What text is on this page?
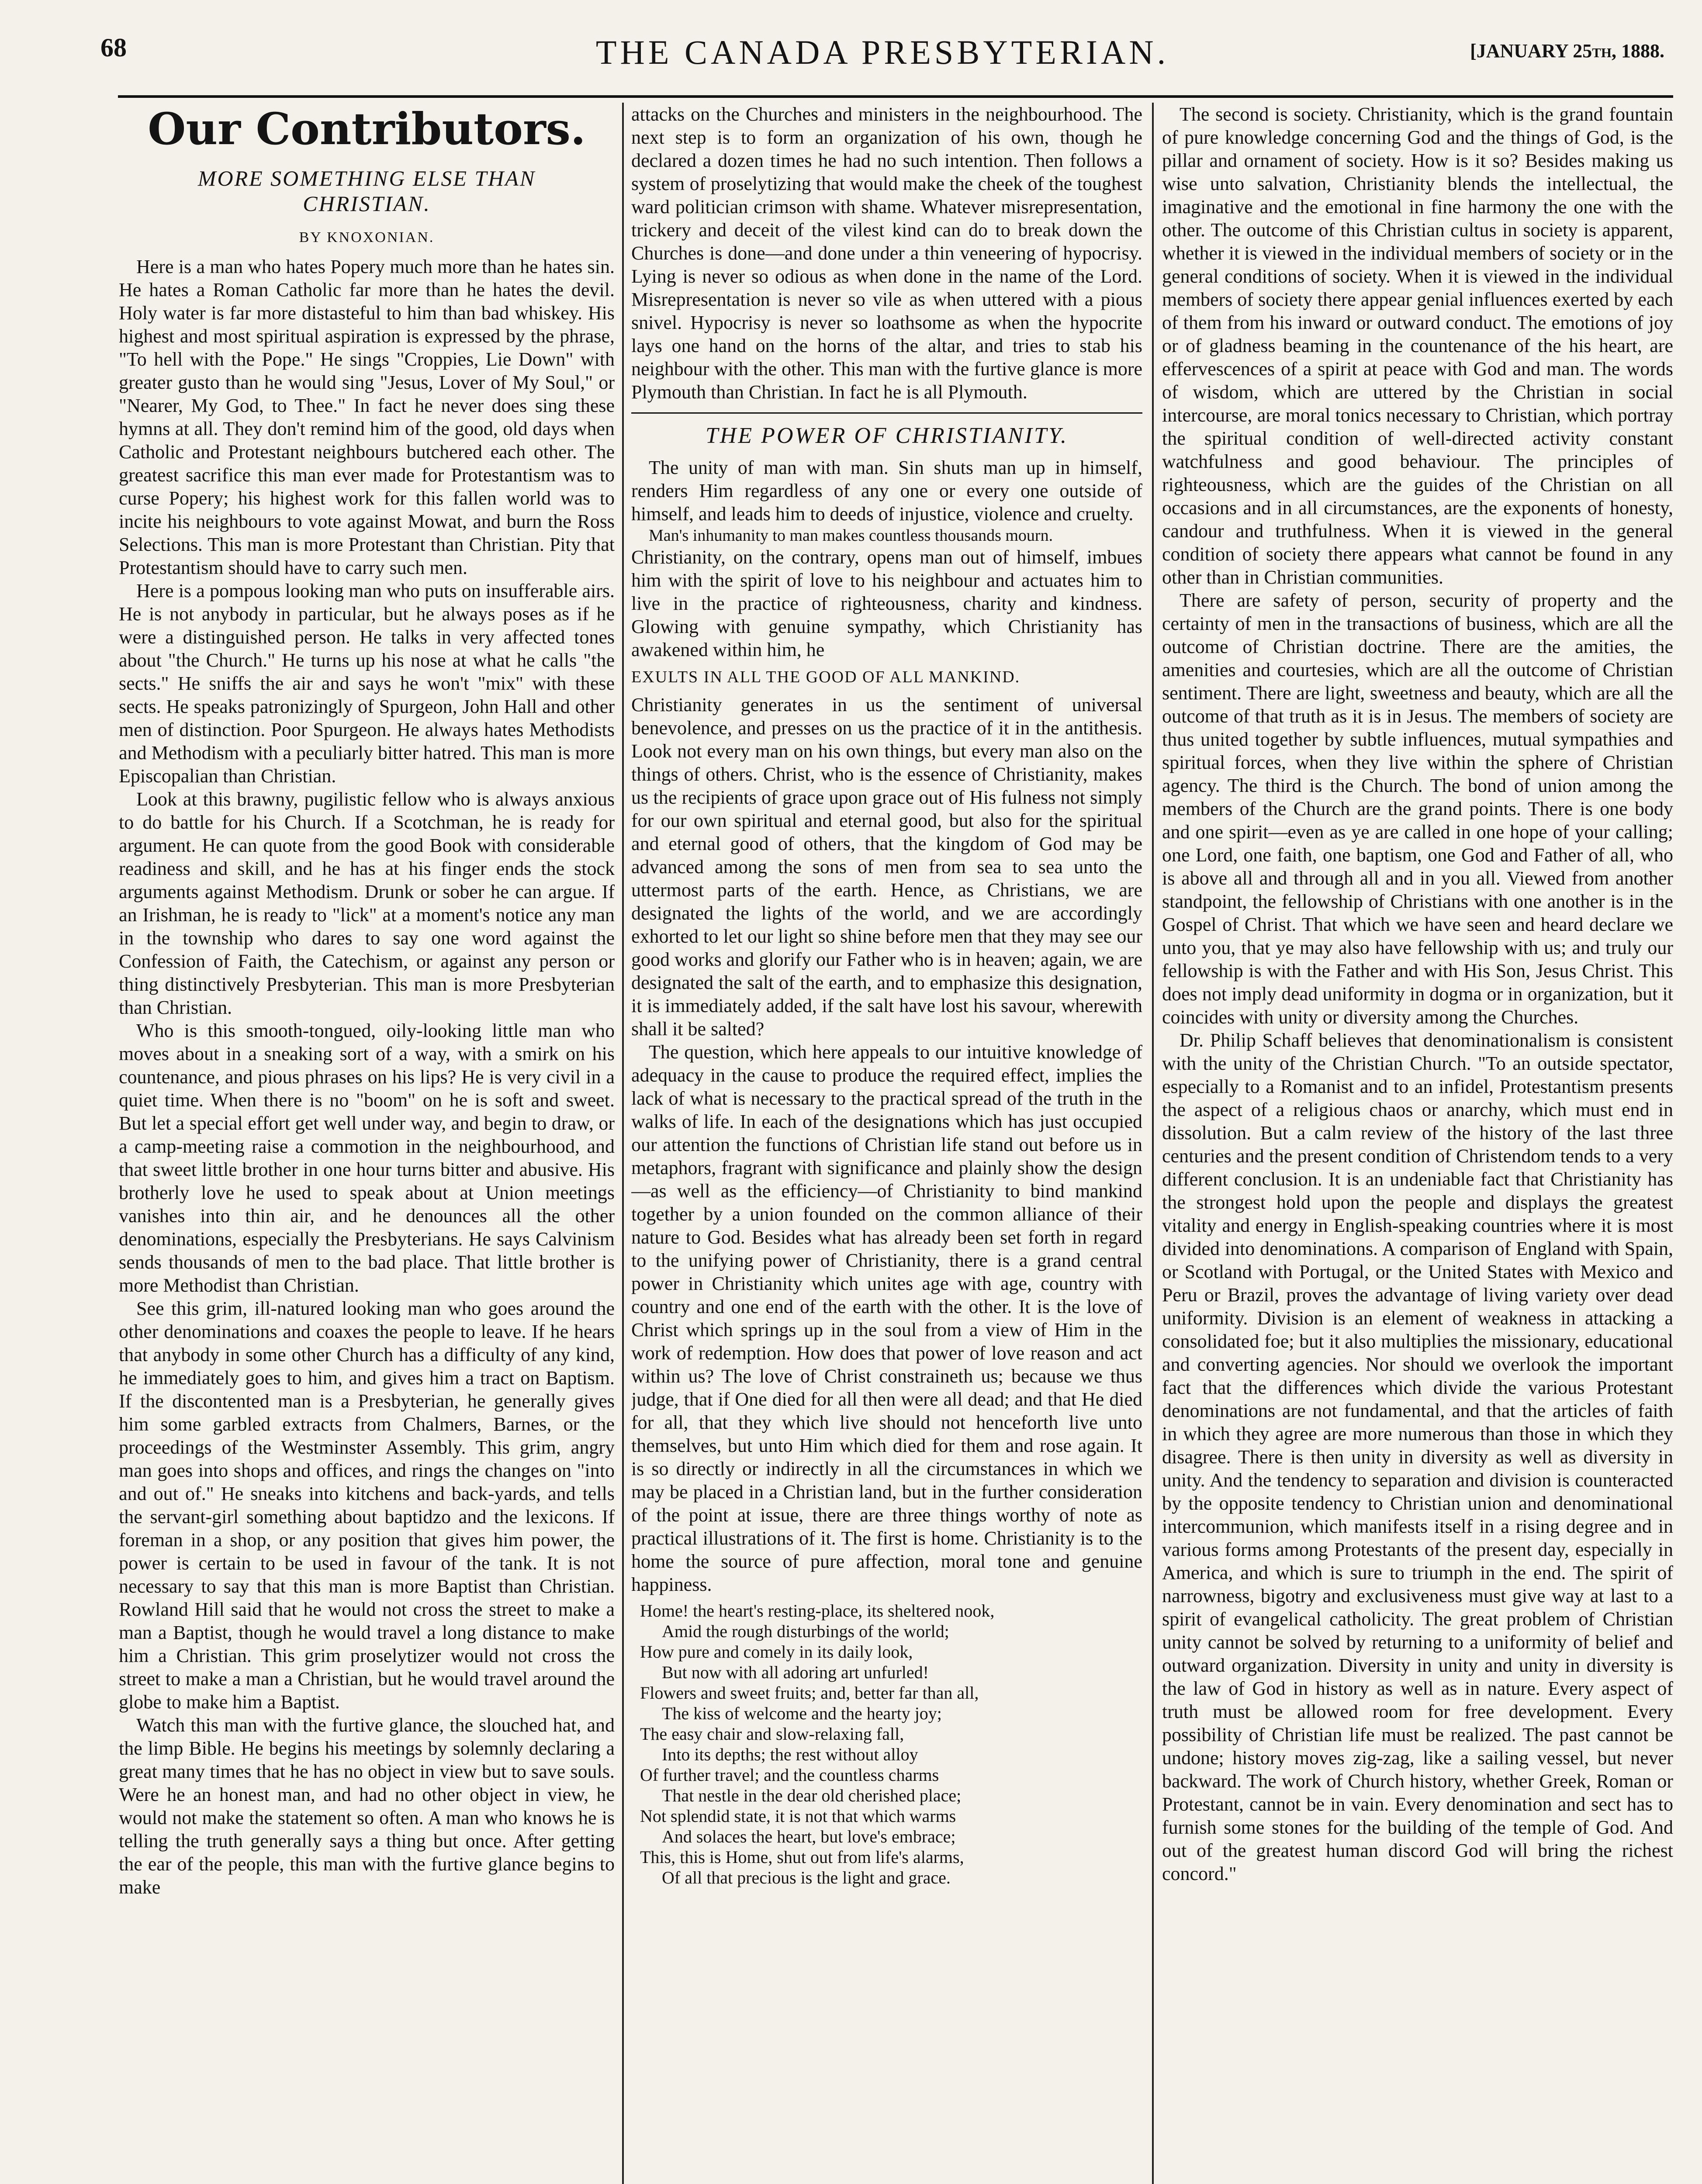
68	THE CANADA PRESBYTERIAN.	[JANUARY 25th, 1888.
Our Contributors.
MORE SOMETHING ELSE THAN CHRISTIAN.
BY KNOXONIAN.

Here is a man who hates Popery much more than he hates sin. He hates a Roman Catholic far more than he hates the devil. Holy water is far more distasteful to him than bad whiskey. His highest and most spiritual aspiration is expressed by the phrase, "To hell with the Pope." He sings "Croppies, Lie Down" with greater gusto than he would sing "Jesus, Lover of My Soul," or "Nearer, My God, to Thee." In fact he never does sing these hymns at all. They don't remind him of the good, old days when Catholic and Protestant neighbours butchered each other. The greatest sacrifice this man ever made for Protestantism was to curse Popery; his highest work for this fallen world was to incite his neighbours to vote against Mowat, and burn the Ross Selections. This man is more Protestant than Christian. Pity that Protestantism should have to carry such men.

Here is a pompous looking man who puts on insufferable airs. He is not anybody in particular, but he always poses as if he were a distinguished person. He talks in very affected tones about "the Church." He turns up his nose at what he calls "the sects." He sniffs the air and says he won't "mix" with these sects. He speaks patronizingly of Spurgeon, John Hall and other men of distinction. Poor Spurgeon. He always hates Methodists and Methodism with a peculiarly bitter hatred. This man is more Episcopalian than Christian.

Look at this brawny, pugilistic fellow who is always anxious to do battle for his Church. If a Scotchman, he is ready for argument. He can quote from the good Book with considerable readiness and skill, and he has at his finger ends the stock arguments against Methodism. Drunk or sober he can argue. If an Irishman, he is ready to "lick" at a moment's notice any man in the township who dares to say one word against the Confession of Faith, the Catechism, or against any person or thing distinctively Presbyterian. This man is more Presbyterian than Christian.

Who is this smooth-tongued, oily-looking little man who moves about in a sneaking sort of a way, with a smirk on his countenance, and pious phrases on his lips? He is very civil in a quiet time. When there is no "boom" on he is soft and sweet. But let a special effort get well under way, and begin to draw, or a camp-meeting raise a commotion in the neighbourhood, and that sweet little brother in one hour turns bitter and abusive. His brotherly love he used to speak about at Union meetings vanishes into thin air, and he denounces all the other denominations, especially the Presbyterians. He says Calvinism sends thousands of men to the bad place. That little brother is more Methodist than Christian.

See this grim, ill-natured looking man who goes around the other denominations and coaxes the people to leave. If he hears that anybody in some other Church has a difficulty of any kind, he immediately goes to him, and gives him a tract on Baptism. If the discontented man is a Presbyterian, he generally gives him some garbled extracts from Chalmers, Barnes, or the proceedings of the Westminster Assembly. This grim, angry man goes into shops and offices, and rings the changes on "into and out of." He sneaks into kitchens and back-yards, and tells the servant-girl something about baptidzo and the lexicons. If foreman in a shop, or any position that gives him power, the power is certain to be used in favour of the tank. It is not necessary to say that this man is more Baptist than Christian. Rowland Hill said that he would not cross the street to make a man a Baptist, though he would travel a long distance to make him a Christian. This grim proselytizer would not cross the street to make a man a Christian, but he would travel around the globe to make him a Baptist.

Watch this man with the furtive glance, the slouched hat, and the limp Bible. He begins his meetings by solemnly declaring a great many times that he has no object in view but to save souls. Were he an honest man, and had no other object in view, he would not make the statement so often. A man who knows he is telling the truth generally says a thing but once. After getting the ear of the people, this man with the furtive glance begins to make

attacks on the Churches and ministers in the neighbourhood. The next step is to form an organization of his own, though he declared a dozen times he had no such intention. Then follows a system of proselytizing that would make the cheek of the toughest ward politician crimson with shame. Whatever misrepresentation, trickery and deceit of the vilest kind can do to break down the Churches is done—and done under a thin veneering of hypocrisy. Lying is never so odious as when done in the name of the Lord. Misrepresentation is never so vile as when uttered with a pious snivel. Hypocrisy is never so loathsome as when the hypocrite lays one hand on the horns of the altar, and tries to stab his neighbour with the other. This man with the furtive glance is more Plymouth than Christian. In fact he is all Plymouth.

THE POWER OF CHRISTIANITY.

The unity of man with man. Sin shuts man up in himself, renders Him regardless of any one or every one outside of himself, and leads him to deeds of injustice, violence and cruelty.

Man's inhumanity to man makes countless thousands mourn.

Christianity, on the contrary, opens man out of himself, imbues him with the spirit of love to his neighbour and actuates him to live in the practice of righteousness, charity and kindness. Glowing with genuine sympathy, which Christianity has awakened within him, he

EXULTS IN ALL THE GOOD OF ALL MANKIND.

Christianity generates in us the sentiment of universal benevolence, and presses on us the practice of it in the antithesis. Look not every man on his own things, but every man also on the things of others. Christ, who is the essence of Christianity, makes us the recipients of grace upon grace out of His fulness not simply for our own spiritual and eternal good, but also for the spiritual and eternal good of others, that the kingdom of God may be advanced among the sons of men from sea to sea unto the uttermost parts of the earth. Hence, as Christians, we are designated the lights of the world, and we are accordingly exhorted to let our light so shine before men that they may see our good works and glorify our Father who is in heaven; again, we are designated the salt of the earth, and to emphasize this designation, it is immediately added, if the salt have lost his savour, wherewith shall it be salted?

The question, which here appeals to our intuitive knowledge of adequacy in the cause to produce the required effect, implies the lack of what is necessary to the practical spread of the truth in the walks of life. In each of the designations which has just occupied our attention the functions of Christian life stand out before us in metaphors, fragrant with significance and plainly show the design—as well as the efficiency—of Christianity to bind mankind together by a union founded on the common alliance of their nature to God. Besides what has already been set forth in regard to the unifying power of Christianity, there is a grand central power in Christianity which unites age with age, country with country and one end of the earth with the other. It is the love of Christ which springs up in the soul from a view of Him in the work of redemption. How does that power of love reason and act within us? The love of Christ constraineth us; because we thus judge, that if One died for all then were all dead; and that He died for all, that they which live should not henceforth live unto themselves, but unto Him which died for them and rose again. It is so directly or indirectly in all the circumstances in which we may be placed in a Christian land, but in the further consideration of the point at issue, there are three things worthy of note as practical illustrations of it. The first is home. Christianity is to the home the source of pure affection, moral tone and genuine happiness.

Home! the heart's resting-place, its sheltered nook,
Amid the rough disturbings of the world;
How pure and comely in its daily look,
But now with all adoring art unfurled!
Flowers and sweet fruits; and, better far than all,
The kiss of welcome and the hearty joy;
The easy chair and slow-relaxing fall,
Into its depths; the rest without alloy
Of further travel; and the countless charms
That nestle in the dear old cherished place;
Not splendid state, it is not that which warms
And solaces the heart, but love's embrace;
This, this is Home, shut out from life's alarms,
Of all that precious is the light and grace.

The second is society. Christianity, which is the grand fountain of pure knowledge concerning God and the things of God, is the pillar and ornament of society. How is it so? Besides making us wise unto salvation, Christianity blends the intellectual, the imaginative and the emotional in fine harmony the one with the other. The outcome of this Christian cultus in society is apparent, whether it is viewed in the individual members of society or in the general conditions of society. When it is viewed in the individual members of society there appear genial influences exerted by each of them from his inward or outward conduct. The emotions of joy or of gladness beaming in the countenance of the his heart, are effervescences of a spirit at peace with God and man. The words of wisdom, which are uttered by the Christian in social intercourse, are moral tonics necessary to Christian, which portray the spiritual condition of well-directed activity constant watchfulness and good behaviour. The principles of righteousness, which are the guides of the Christian on all occasions and in all circumstances, are the exponents of honesty, candour and truthfulness. When it is viewed in the general condition of society there appears what cannot be found in any other than in Christian communities.

There are safety of person, security of property and the certainty of men in the transactions of business, which are all the outcome of Christian doctrine. There are the amities, the amenities and courtesies, which are all the outcome of Christian sentiment. There are light, sweetness and beauty, which are all the outcome of that truth as it is in Jesus. The members of society are thus united together by subtle influences, mutual sympathies and spiritual forces, when they live within the sphere of Christian agency. The third is the Church. The bond of union among the members of the Church are the grand points. There is one body and one spirit—even as ye are called in one hope of your calling; one Lord, one faith, one baptism, one God and Father of all, who is above all and through all and in you all. Viewed from another standpoint, the fellowship of Christians with one another is in the Gospel of Christ. That which we have seen and heard declare we unto you, that ye may also have fellowship with us; and truly our fellowship is with the Father and with His Son, Jesus Christ. This does not imply dead uniformity in dogma or in organization, but it coincides with unity or diversity among the Churches.

Dr. Philip Schaff believes that denominationalism is consistent with the unity of the Christian Church. "To an outside spectator, especially to a Romanist and to an infidel, Protestantism presents the aspect of a religious chaos or anarchy, which must end in dissolution. But a calm review of the history of the last three centuries and the present condition of Christendom tends to a very different conclusion. It is an undeniable fact that Christianity has the strongest hold upon the people and displays the greatest vitality and energy in English-speaking countries where it is most divided into denominations. A comparison of England with Spain, or Scotland with Portugal, or the United States with Mexico and Peru or Brazil, proves the advantage of living variety over dead uniformity. Division is an element of weakness in attacking a consolidated foe; but it also multiplies the missionary, educational and converting agencies. Nor should we overlook the important fact that the differences which divide the various Protestant denominations are not fundamental, and that the articles of faith in which they agree are more numerous than those in which they disagree. There is then unity in diversity as well as diversity in unity. And the tendency to separation and division is counteracted by the opposite tendency to Christian union and denominational intercommunion, which manifests itself in a rising degree and in various forms among Protestants of the present day, especially in America, and which is sure to triumph in the end. The spirit of narrowness, bigotry and exclusiveness must give way at last to a spirit of evangelical catholicity. The great problem of Christian unity cannot be solved by returning to a uniformity of belief and outward organization. Diversity in unity and unity in diversity is the law of God in history as well as in nature. Every aspect of truth must be allowed room for free development. Every possibility of Christian life must be realized. The past cannot be undone; history moves zig-zag, like a sailing vessel, but never backward. The work of Church history, whether Greek, Roman or Protestant, cannot be in vain. Every denomination and sect has to furnish some stones for the building of the temple of God. And out of the greatest human discord God will bring the richest concord."
